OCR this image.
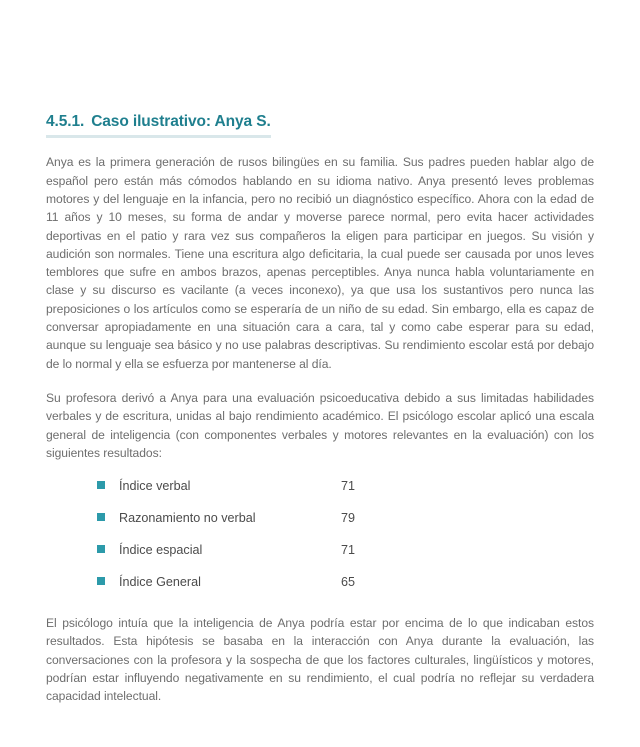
4.5.1. Caso ilustrativo: Anya S.

Anya es la primera generación de rusos bilingües en su familia. Sus padres pueden hablar algo de español pero están más cómodos hablando en su idioma nativo. Anya presentó leves problemas motores y del lenguaje en la infancia, pero no recibió un diagnóstico específico. Ahora con la edad de 11 años y 10 meses, su forma de andar y moverse parece normal, pero evita hacer actividades deportivas en el patio y rara vez sus compañeros la eligen para participar en juegos. Su visión y audición son normales. Tiene una escritura algo deficitaria, la cual puede ser causada por unos leves temblores que sufre en ambos brazos, apenas perceptibles. Anya nunca habla voluntariamente en clase y su discurso es vacilante (a veces inconexo), ya que usa los sustantivos pero nunca las preposiciones o los artículos como se esperaría de un niño de su edad. Sin embargo, ella es capaz de conversar apropiadamente en una situación cara a cara, tal y como cabe esperar para su edad, aunque su lenguaje sea básico y no use palabras descriptivas. Su rendimiento escolar está por debajo de lo normal y ella se esfuerza por mantenerse al día.

Su profesora derivó a Anya para una evaluación psicoeducativa debido a sus limitadas habilidades verbales y de escritura, unidas al bajo rendimiento académico. El psicólogo escolar aplicó una escala general de inteligencia (con componentes verbales y motores relevantes en la evaluación) con los siguientes resultados:

Índice verbal	71
Razonamiento no verbal	79
Índice espacial	71
Índice General	65

El psicólogo intuía que la inteligencia de Anya podría estar por encima de lo que indicaban estos resultados. Esta hipótesis se basaba en la interacción con Anya durante la evaluación, las conversaciones con la profesora y la sospecha de que los factores culturales, lingüísticos y motores, podrían estar influyendo negativamente en su rendimiento, el cual podría no reflejar su verdadera capacidad intelectual.
